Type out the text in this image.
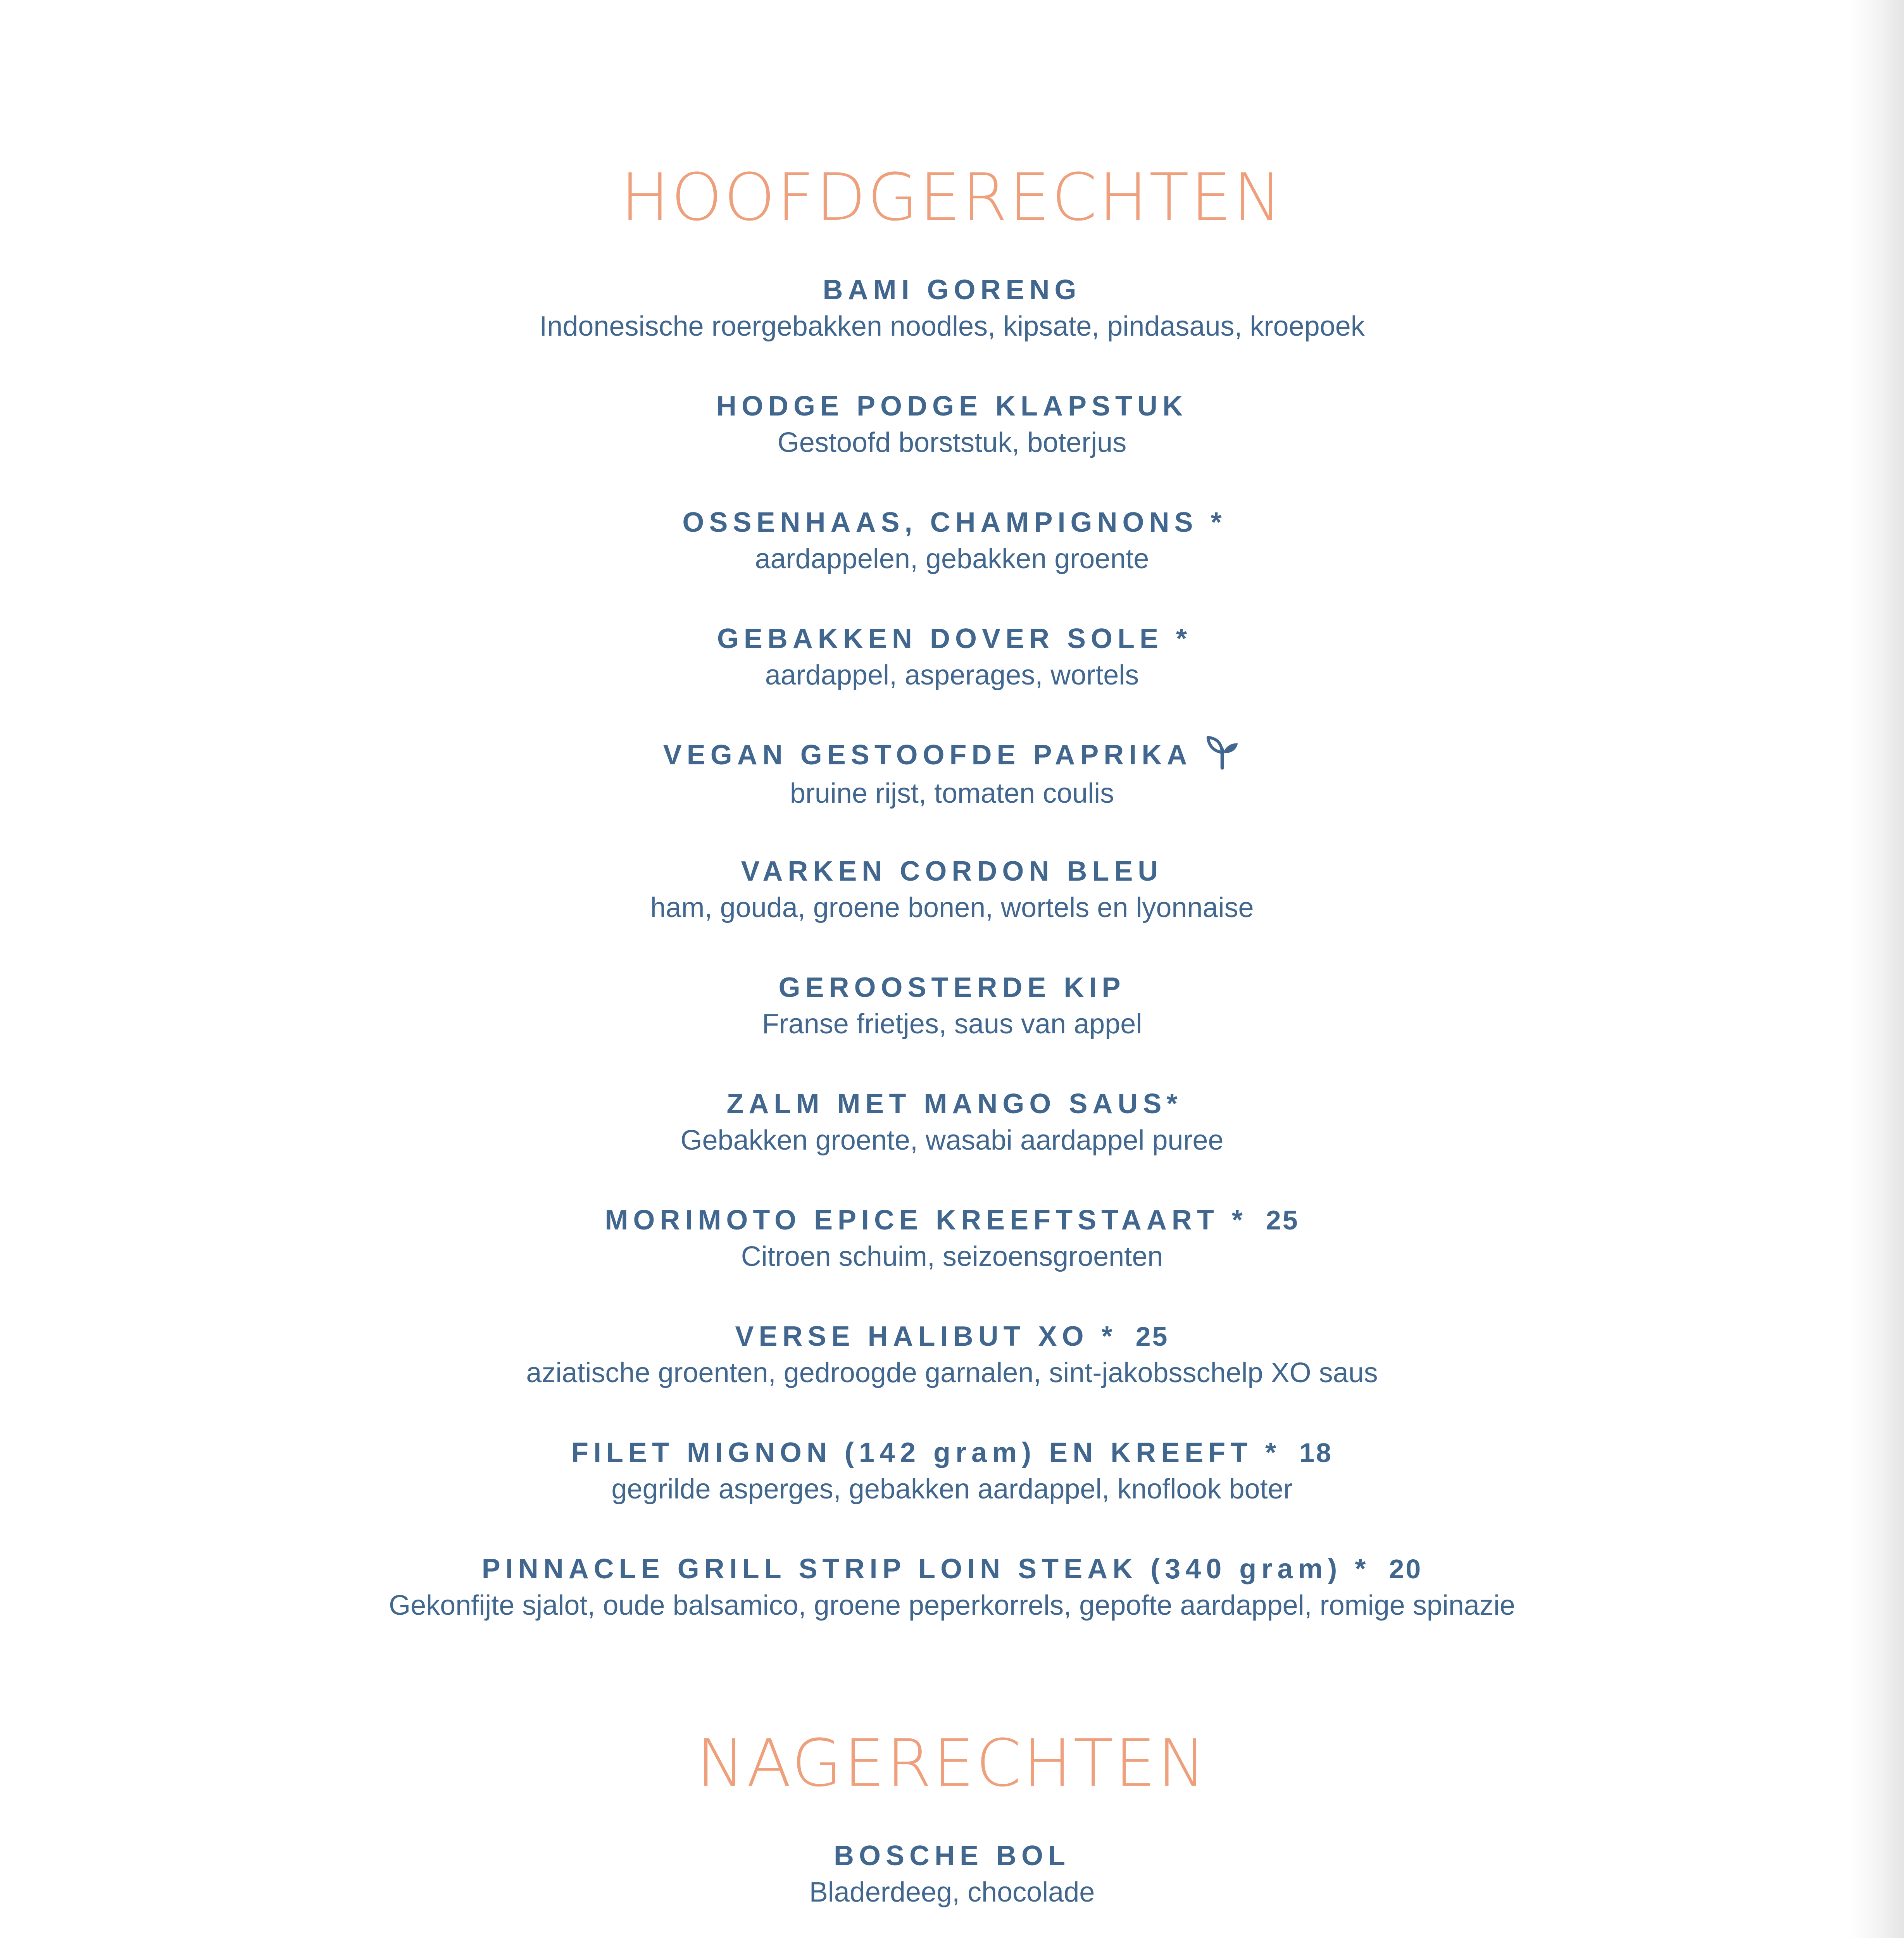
HOOFDGERECHTEN
BAMI GORENG
Indonesische roergebakken noodles, kipsate, pindasaus, kroepoek
HODGE PODGE KLAPSTUK
Gestoofd borststuk, boterjus
OSSENHAAS, CHAMPIGNONS *
aardappelen, gebakken groente
GEBAKKEN DOVER SOLE *
aardappel, asperages, wortels
VEGAN GESTOOFDE PAPRIKA
bruine rijst, tomaten coulis
VARKEN CORDON BLEU
ham, gouda, groene bonen, wortels en lyonnaise
GEROOSTERDE KIP
Franse frietjes, saus van appel
ZALM MET MANGO SAUS*
Gebakken groente, wasabi aardappel puree
MORIMOTO EPICE KREEFTSTAART * 25
Citroen schuim, seizoensgroenten
VERSE HALIBUT XO * 25
aziatische groenten, gedroogde garnalen, sint-jakobsschelp XO saus
FILET MIGNON (142 gram) EN KREEFT * 18
gegrilde asperges, gebakken aardappel, knoflook boter
PINNACLE GRILL STRIP LOIN STEAK (340 gram) * 20
Gekonfijte sjalot, oude balsamico, groene peperkorrels, gepofte aardappel, romige spinazie
NAGERECHTEN
BOSCHE BOL
Bladerdeeg, chocolade
